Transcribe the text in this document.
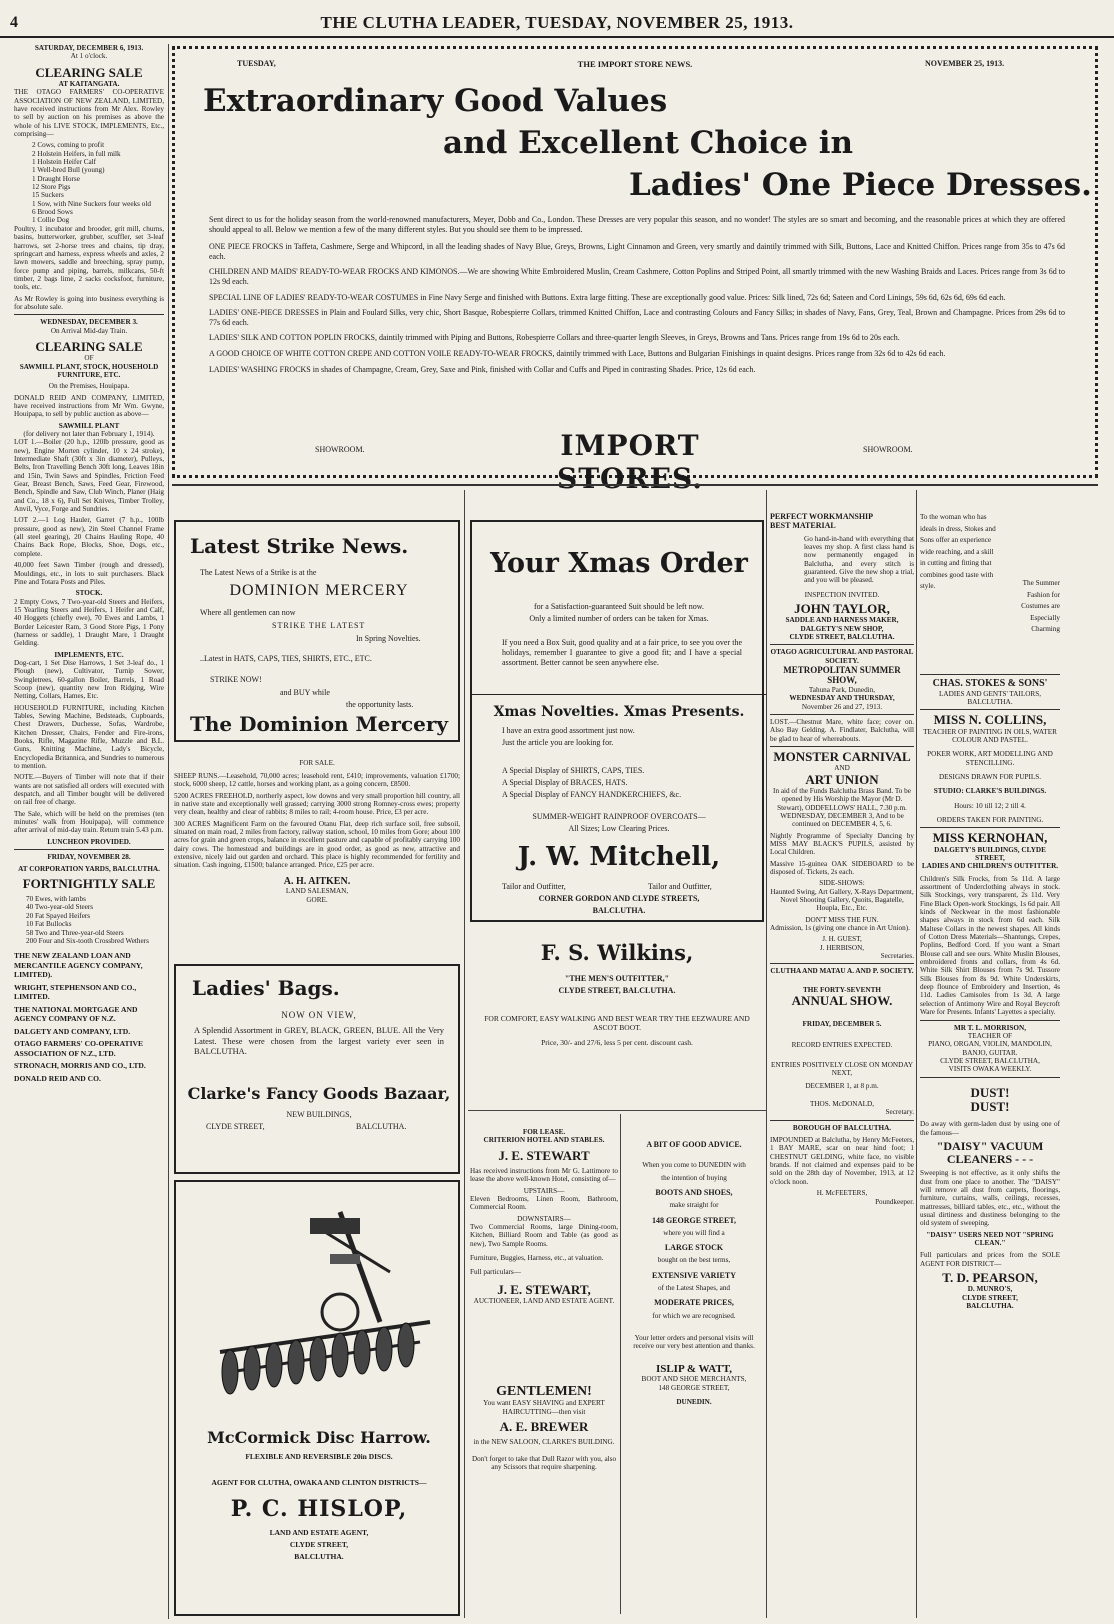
4	THE CLUTHA LEADER, TUESDAY, NOVEMBER 25, 1913.
SATURDAY, DECEMBER 6, 1913.
At 1 o'clock.
CLEARING SALE
AT KAITANGATA.

THE OTAGO FARMERS' CO-OPERATIVE ASSOCIATION OF NEW ZEALAND, LIMITED, have received instructions from Mr Alex. Rowley to sell by auction on his premises as above the whole of his LIVE STOCK, IMPLEMENTS, Etc., comprising—

2 Cows, coming to profit
2 Holstein Heifers, in full milk
1 Holstein Heifer Calf
1 Well-bred Bull (young)
1 Draught Horse
12 Store Pigs
15 Suckers
1 Sow, with Nine Suckers four weeks old
6 Brood Sows
1 Collie Dog

Poultry, 1 incubator and brooder, grit mill, churns, basins, butterworker, grubber, scuffler, set 3-leaf harrows, set 2-horse trees and chains, tip dray, springcart and harness, express wheels and axles, 2 lawn mowers, saddle and breeching, spray pump, force pump and piping, barrels, milkcans, 50-ft timber, 2 bags lime, 2 sacks cocksfoot, furniture, tools, etc.

As Mr Rowley is going into business everything is for absolute sale.

WEDNESDAY, DECEMBER 3.
On Arrival Mid-day Train.
CLEARING SALE
OF
SAWMILL PLANT, STOCK, HOUSEHOLD FURNITURE, ETC.
On the Premises, Houipapa.

DONALD REID AND COMPANY, LIMITED, have received instructions from Mr Wm. Gwyne, Houipapa, to sell by public auction as above—

SAWMILL PLANT
(for delivery not later than February 1, 1914).

LOT 1.—Boiler (20 h.p., 120lb pressure, good as new), Engine Morten cylinder, 10 x 24 stroke), Intermediate Shaft (30ft x 3in diameter), Pulleys, Belts, Iron Travelling Bench 30ft long, Leaves 18in and 15in, Twin Saws and Spindles, Friction Feed Gear, Breast Bench, Saws, Feed Gear, Firewood, Bench, Spindle and Saw, Club Winch, Planer (Haig and Co., 18 x 6), Full Set Knives, Timber Trolley, Anvil, Vyce, Forge and Sundries.

LOT 2.—1 Log Hauler, Garret (7 h.p., 100lb pressure, good as new), 2in Steel Channel Frame (all steel gearing), 20 Chains Hauling Rope, 40 Chains Back Rope, Blocks, Shoe, Dogs, etc., complete.

40,000 feet Sawn Timber (rough and dressed), Mouldings, etc., in lots to suit purchasers. Black Pine and Totara Posts and Piles.

STOCK.

2 Empty Cows, 7 Two-year-old Steers and Heifers, 15 Yearling Steers and Heifers, 1 Heifer and Calf, 40 Hoggets (chiefly ewe), 70 Ewes and Lambs, 1 Border Leicester Ram, 3 Good Store Pigs, 1 Pony (harness or saddle), 1 Draught Mare, 1 Draught Gelding.

IMPLEMENTS, ETC.

Dog-cart, 1 Set Dise Harrows, 1 Set 3-leaf do., 1 Plough (new), Cultivator, Turnip Sower, Swingletrees, 60-gallon Boiler, Barrels, 1 Road Scoop (new), quantity new Iron Ridging, Wire Netting, Collars, Hames, Etc.

HOUSEHOLD FURNITURE, including Kitchen Tables, Sewing Machine, Bedsteads, Cupboards, Chest Drawers, Duchesse, Sofas, Wardrobe, Kitchen Dresser, Chairs, Fender and Fire-irons, Books, Rifle, Magazine Rifle, Muzzle and B.L. Guns, Knitting Machine, Lady's Bicycle, Encyclopedia Britannica, and Sundries to numerous to mention.

NOTE.—Buyers of Timber will note that if their wants are not satisfied all orders will executed with despatch, and all Timber bought will be delivered on rail free of charge.

The Sale, which will be held on the premises (ten minutes' walk from Houipapa), will commence after arrival of mid-day train. Return train 5.43 p.m.

LUNCHEON PROVIDED.
FRIDAY, NOVEMBER 28.
AT CORPORATION YARDS, BALCLUTHA.
FORTNIGHTLY SALE
70 Ewes, with lambs
40 Two-year-old Steers
20 Fat Spayed Heifers
10 Fat Bullocks
58 Two and Three-year-old Steers
200 Four and Six-tooth Crossbred Wethers

THE NEW ZEALAND LOAN AND MERCANTILE AGENCY COMPANY, LIMITED).

WRIGHT, STEPHENSON AND CO., LIMITED.

THE NATIONAL MORTGAGE AND AGENCY COMPANY OF N.Z.

DALGETY AND COMPANY, LTD.

OTAGO FARMERS' CO-OPERATIVE ASSOCIATION OF N.Z., LTD.

STRONACH, MORRIS AND CO., LTD.

DONALD REID AND CO.

TUESDAY,	THE IMPORT STORE NEWS.	NOVEMBER 25, 1913.
Extraordinary Good Values
and Excellent Choice in
Ladies' One Piece Dresses.

Sent direct to us for the holiday season from the world-renowned manufacturers, Meyer, Dobb and Co., London. These Dresses are very popular this season, and no wonder! The styles are so smart and becoming, and the reasonable prices at which they are offered should appeal to all. Below we mention a few of the many different styles. But you should see them to be impressed.

ONE PIECE FROCKS in Taffeta, Cashmere, Serge and Whipcord, in all the leading shades of Navy Blue, Greys, Browns, Light Cinnamon and Green, very smartly and daintily trimmed with Silk, Buttons, Lace and Knitted Chiffon. Prices range from 35s to 47s 6d each.

CHILDREN AND MAIDS' READY-TO-WEAR FROCKS AND KIMONOS.—We are showing White Embroidered Muslin, Cream Cashmere, Cotton Poplins and Striped Point, all smartly trimmed with the new Washing Braids and Laces. Prices range from 3s 6d to 12s 9d each.

SPECIAL LINE OF LADIES' READY-TO-WEAR COSTUMES in Fine Navy Serge and finished with Buttons. Extra large fitting. These are exceptionally good value. Prices: Silk lined, 72s 6d; Sateen and Cord Linings, 59s 6d, 62s 6d, 69s 6d each.

LADIES' ONE-PIECE DRESSES in Plain and Foulard Silks, very chic, Short Basque, Robespierre Collars, trimmed Knitted Chiffon, Lace and contrasting Colours and Fancy Silks; in shades of Navy, Fans, Grey, Teal, Brown and Champagne. Prices from 29s 6d to 77s 6d each.

LADIES' SILK AND COTTON POPLIN FROCKS, daintily trimmed with Piping and Buttons, Robespierre Collars and three-quarter length Sleeves, in Greys, Browns and Tans. Prices range from 19s 6d to 20s each.

A GOOD CHOICE OF WHITE COTTON CREPE AND COTTON VOILE READY-TO-WEAR FROCKS, daintily trimmed with Lace, Buttons and Bulgarian Finishings in quaint designs. Prices range from 32s 6d to 42s 6d each.

LADIES' WASHING FROCKS in shades of Champagne, Cream, Grey, Saxe and Pink, finished with Collar and Cuffs and Piped in contrasting Shades. Price, 12s 6d each.

SHOWROOM.	IMPORT STORES.
SHOWROOM.
Latest Strike News.
The Latest News of a Strike is at the
DOMINION MERCERY
Where all gentlemen can now
STRIKE THE LATEST
In Spring Novelties.
..Latest in HATS, CAPS, TIES, SHIRTS, ETC., ETC.
STRIKE NOW!
and BUY while
the opportunity lasts.
The Dominion Mercery
FOR SALE.

SHEEP RUNS.—Leasehold, 70,000 acres; leasehold rent, £410; improvements, valuation £1700; stock, 6000 sheep, 12 cattle, horses and working plant, as a going concern, £8500.

5200 ACRES FREEHOLD, northerly aspect, low downs and very small proportion hill country, all in native state and exceptionally well grassed; carrying 3000 strong Romney-cross ewes; property very clean, healthy and clear of rabbits; 8 miles to rail; 4-room house. Price, £3 per acre.

300 ACRES Magnificent Farm on the favoured Otanu Flat, deep rich surface soil, free subsoil, situated on main road, 2 miles from factory, railway station, school, 10 miles from Gore; about 100 acres for grain and green crops, balance in excellent pasture and capable of profitably carrying 100 dairy cows. The homestead and buildings are in good order, as good as new, attractive and extensive, nicely laid out garden and orchard. This place is highly recommended for fertility and situation. Cash ingoing, £1500; balance arranged. Price, £25 per acre.

A. H. AITKEN.
LAND SALESMAN,
GORE.
Ladies' Bags.
NOW ON VIEW,
A Splendid Assortment in GREY, BLACK, GREEN, BLUE. All the Very Latest. These were chosen from the largest variety ever seen in BALCLUTHA.
Clarke's Fancy Goods Bazaar,
NEW BUILDINGS,
CLYDE STREET,	BALCLUTHA.
McCormick Disc Harrow.
FLEXIBLE AND REVERSIBLE 20in DISCS.
AGENT FOR CLUTHA, OWAKA AND CLINTON DISTRICTS—
P. C. HISLOP,
LAND AND ESTATE AGENT,
CLYDE STREET,
BALCLUTHA.
Your Xmas Order
for a Satisfaction-guaranteed Suit should be left now.
Only a limited number of orders can be taken for Xmas.
If you need a Box Suit, good quality and at a fair price, to see you over the holidays, remember I guarantee to give a good fit; and I have a special assortment. Better cannot be seen anywhere else.
Xmas Novelties. Xmas Presents.
I have an extra good assortment just now.
Just the article you are looking for.
A Special Display of SHIRTS, CAPS, TIES.
A Special Display of BRACES, HATS.
A Special Display of FANCY HANDKERCHIEFS, &c.
SUMMER-WEIGHT RAINPROOF OVERCOATS—
All Sizes; Low Clearing Prices.
J. W. Mitchell,
Tailor and Outfitter,	Tailor and Outfitter,
CORNER GORDON AND CLYDE STREETS,
BALCLUTHA.
F. S. Wilkins,
"THE MEN'S OUTFITTER,"
CLYDE STREET, BALCLUTHA.
FOR COMFORT, EASY WALKING AND BEST WEAR TRY THE EEZWAURE AND ASCOT BOOT.
Price, 30/- and 27/6, less 5 per cent. discount cash.
FOR LEASE.
CRITERION HOTEL AND STABLES.
J. E. STEWART

Has received instructions from Mr G. Lattimore to lease the above well-known Hotel, consisting of—

UPSTAIRS—

Eleven Bedrooms, Linen Room, Bathroom, Commercial Room.

DOWNSTAIRS—

Two Commercial Rooms, large Dining-room, Kitchen, Billiard Room and Table (as good as new), Two Sample Rooms.

Furniture, Buggies, Harness, etc., at valuation.

Full particulars—

J. E. STEWART,
AUCTIONEER, LAND AND ESTATE AGENT.
GENTLEMEN!

You want EASY SHAVING and EXPERT HAIRCUTTING—then visit

A. E. BREWER

in the NEW SALOON, CLARKE'S BUILDING.

Don't forget to take that Dull Razor with you, also any Scissors that require sharpening.

A BIT OF GOOD ADVICE.
When you come to DUNEDIN with
the intention of buying
BOOTS AND SHOES,
make straight for
148 GEORGE STREET,
where you will find a
LARGE STOCK
bought on the best terms,
EXTENSIVE VARIETY
of the Latest Shapes, and
MODERATE PRICES,
for which we are recognised.
Your letter orders and personal visits will receive our very best attention and thanks.
ISLIP & WATT,
BOOT AND SHOE MERCHANTS,
148 GEORGE STREET,
DUNEDIN.
PERFECT WORKMANSHIP
BEST MATERIAL

Go hand-in-hand with everything that leaves my shop. A first class hand is now permanently engaged in Balclutha, and every stitch is guaranteed. Give the new shop a trial, and you will be pleased.

INSPECTION INVITED.
JOHN TAYLOR,
SADDLE AND HARNESS MAKER,
DALGETY'S NEW SHOP,
CLYDE STREET, BALCLUTHA.
OTAGO AGRICULTURAL AND PASTORAL SOCIETY.
METROPOLITAN SUMMER SHOW,
Tahuna Park, Dunedin,
WEDNESDAY AND THURSDAY,
November 26 and 27, 1913.

LOST.—Chestnut Mare, white face; cover on. Also Bay Gelding. A. Findlater, Balclutha, will be glad to hear of whereabouts.

MONSTER CARNIVAL
AND
ART UNION

In aid of the Funds Balclutha Brass Band. To be opened by His Worship the Mayor (Mr D. Stewart), ODDFELLOWS' HALL, 7.30 p.m. WEDNESDAY, DECEMBER 3, And to be continued on DECEMBER 4, 5, 6.

Nightly Programme of Specialty Dancing by MISS MAY BLACK'S PUPILS, assisted by Local Children.

Massive 15-guinea OAK SIDEBOARD to be disposed of. Tickets, 2s each.

SIDE-SHOWS:

Haunted Swing, Art Gallery, X-Rays Department, Novel Shooting Gallery, Quoits, Bagatelle, Houpla, Etc., Etc.

DON'T MISS THE FUN.

Admission, 1s (giving one chance in Art Union).

J. H. GUEST,
J. HERBISON,
Secretaries.
CLUTHA AND MATAU A. AND P. SOCIETY.
THE FORTY-SEVENTH
ANNUAL SHOW.
FRIDAY, DECEMBER 5.
RECORD ENTRIES EXPECTED.
ENTRIES POSITIVELY CLOSE ON MONDAY NEXT,
DECEMBER 1, at 8 p.m.
THOS. McDONALD,
Secretary.
BOROUGH OF BALCLUTHA.

IMPOUNDED at Balclutha, by Henry McFeeters, 1 BAY MARE, scar on near hind foot; 1 CHESTNUT GELDING, white face, no visible brands. If not claimed and expenses paid to be sold on the 28th day of November, 1913, at 12 o'clock noon.

H. McFEETERS,
Poundkeeper.

To the woman who has ideals in dress, Stokes and Sons offer an experience wide reaching, and a skill in cutting and fitting that combines good taste with style.	The Summer Fashion for Costumes are Especially Charming

CHAS. STOKES & SONS'
LADIES AND GENTS' TAILORS, BALCLUTHA.
MISS N. COLLINS,
TEACHER OF PAINTING IN OILS, WATER COLOUR AND PASTEL.
POKER WORK, ART MODELLING AND STENCILLING.
DESIGNS DRAWN FOR PUPILS.
STUDIO: CLARKE'S BUILDINGS.
Hours: 10 till 12; 2 till 4.
ORDERS TAKEN FOR PAINTING.
MISS KERNOHAN,
DALGETY'S BUILDINGS, CLYDE STREET,
LADIES AND CHILDREN'S OUTFITTER.

Children's Silk Frocks, from 5s 11d. A large assortment of Underclothing always in stock. Silk Stockings, very transparent, 2s 11d. Very Fine Black Open-work Stockings, 1s 6d pair. All kinds of Neckwear in the most fashionable shapes always in stock from 6d each. Silk Maltese Collars in the newest shapes. All kinds of Cotton Dress Materials—Shantungs, Crepes, Poplins, Bedford Cord. If you want a Smart Blouse call and see ours. White Muslin Blouses, embroidered fronts and collars, from 4s 6d. White Silk Shirt Blouses from 7s 9d. Tussore Silk Blouses from 8s 9d. White Underskirts, deep flounce of Embroidery and Insertion, 4s 11d. Ladies Camisoles from 1s 3d. A large selection of Antimony Wire and Royal Beycroft Ware for Presents. Infants' Layettes a specialty.

MR T. L. MORRISON,
TEACHER OF
PIANO, ORGAN, VIOLIN, MANDOLIN, BANJO, GUITAR.
CLYDE STREET, BALCLUTHA,
VISITS OWAKA WEEKLY.
DUST!
DUST!

Do away with germ-laden dust by using one of the famous—

"DAISY" VACUUM CLEANERS - - -

Sweeping is not effective, as it only shifts the dust from one place to another. The "DAISY" will remove all dust from carpets, floorings, furniture, curtains, walls, ceilings, recesses, mattresses, billiard tables, etc., etc., without the usual dirtiness and dustiness belonging to the old system of sweeping.

"DAISY" USERS NEED NOT "SPRING CLEAN."

Full particulars and prices from the SOLE AGENT FOR DISTRICT—

T. D. PEARSON,
D. MUNRO'S,
CLYDE STREET,
BALCLUTHA.
